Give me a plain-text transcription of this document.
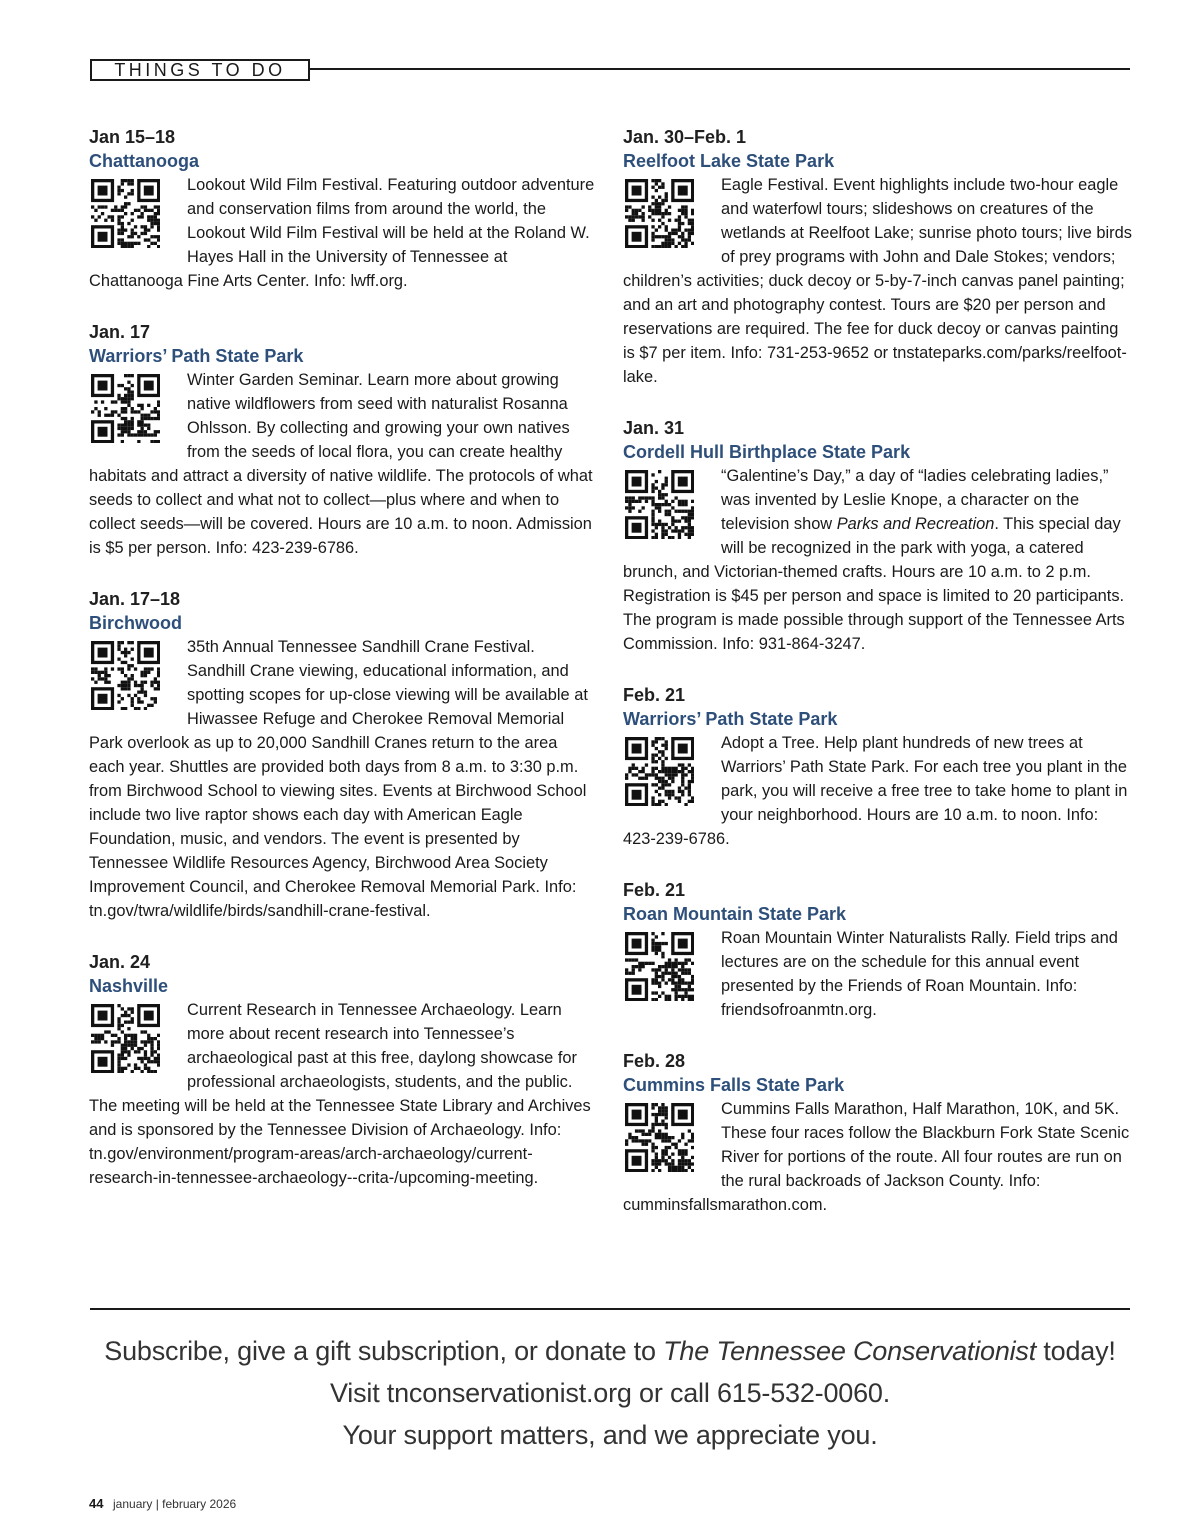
THINGS TO DO
Jan 15–18
Chattanooga

Lookout Wild Film Festival. Featuring outdoor adventure and conservation films from around the world, the Lookout Wild Film Festival will be held at the Roland W. Hayes Hall in the University of Tennessee at Chattanooga Fine Arts Center. Info: lwff.org.

Jan. 17
Warriors’ Path State Park

Winter Garden Seminar. Learn more about growing native wildflowers from seed with naturalist Rosanna Ohlsson. By collecting and growing your own natives from the seeds of local flora, you can create healthy habitats and attract a diversity of native wildlife. The protocols of what seeds to collect and what not to collect—plus where and when to collect seeds—will be covered. Hours are 10 a.m. to noon. Admission is $5 per person. Info: 423-239-6786.

Jan. 17–18
Birchwood

35th Annual Tennessee Sandhill Crane Festival. Sandhill Crane viewing, educational information, and spotting scopes for up-close viewing will be available at Hiwassee Refuge and Cherokee Removal Memorial Park overlook as up to 20,000 Sandhill Cranes return to the area each year. Shuttles are provided both days from 8 a.m. to 3:30 p.m. from Birchwood School to viewing sites. Events at Birchwood School include two live raptor shows each day with American Eagle Foundation, music, and vendors. The event is presented by Tennessee Wildlife Resources Agency, Birchwood Area Society Improvement Council, and Cherokee Removal Memorial Park. Info: tn.gov/twra/wildlife/birds/sandhill-crane-festival.

Jan. 24
Nashville

Current Research in Tennessee Archaeology. Learn more about recent research into Tennessee’s archaeological past at this free, daylong showcase for professional archaeologists, students, and the public. The meeting will be held at the Tennessee State Library and Archives and is sponsored by the Tennessee Division of Archaeology. Info: tn.gov/environment/program-areas/arch-archaeology/current-research-in-tennessee-archaeology--crita-/upcoming-meeting.

Jan. 30–Feb. 1
Reelfoot Lake State Park

Eagle Festival. Event highlights include two-hour eagle and waterfowl tours; slideshows on creatures of the wetlands at Reelfoot Lake; sunrise photo tours; live birds of prey programs with John and Dale Stokes; vendors; children’s activities; duck decoy or 5-by-7-inch canvas panel painting; and an art and photography contest. Tours are $20 per person and reservations are required. The fee for duck decoy or canvas painting is $7 per item. Info: 731-253-9652 or tnstateparks.com/parks/reelfoot-lake.

Jan. 31
Cordell Hull Birthplace State Park

“Galentine’s Day,” a day of “ladies celebrating ladies,” was invented by Leslie Knope, a character on the television show Parks and Recreation. This special day will be recognized in the park with yoga, a catered brunch, and Victorian-themed crafts. Hours are 10 a.m. to 2 p.m. Registration is $45 per person and space is limited to 20 participants. The program is made possible through support of the Tennessee Arts Commission. Info: 931-864-3247.

Feb. 21
Warriors’ Path State Park

Adopt a Tree. Help plant hundreds of new trees at Warriors’ Path State Park. For each tree you plant in the park, you will receive a free tree to take home to plant in your neighborhood. Hours are 10 a.m. to noon. Info: 423-239-6786.

Feb. 21
Roan Mountain State Park

Roan Mountain Winter Naturalists Rally. Field trips and lectures are on the schedule for this annual event presented by the Friends of Roan Mountain. Info: friendsofroanmtn.org.

Feb. 28
Cummins Falls State Park

Cummins Falls Marathon, Half Marathon, 10K, and 5K. These four races follow the Blackburn Fork State Scenic River for portions of the route. All four routes are run on the rural backroads of Jackson County. Info: cumminsfallsmarathon.com.

Subscribe, give a gift subscription, or donate to The Tennessee Conservationist today!
Visit tnconservationist.org or call 615-532-0060.
Your support matters, and we appreciate you.
44 january | february 2026
